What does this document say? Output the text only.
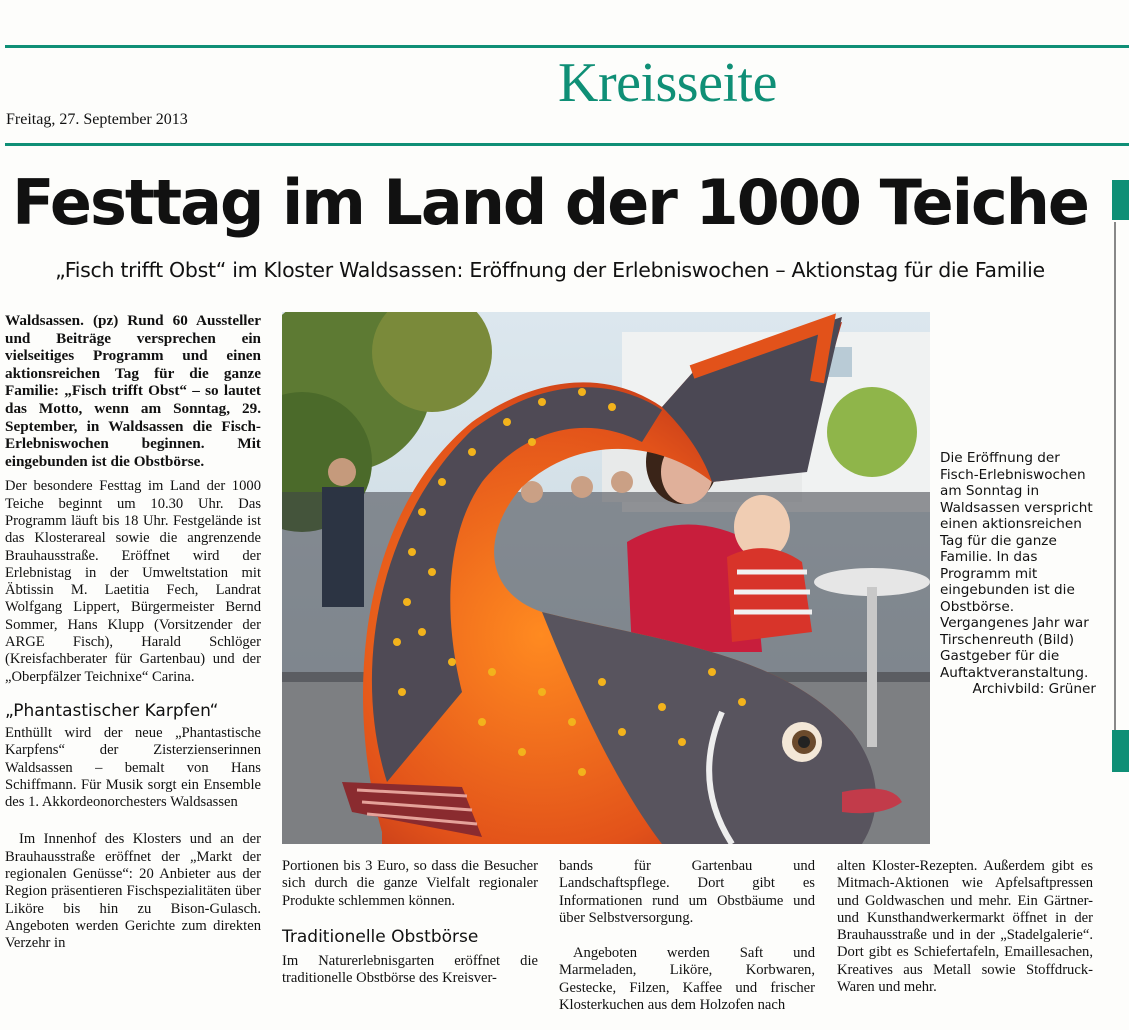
Freitag, 27. September 2013
Kreisseite
Festtag im Land der 1000 Teiche
„Fisch trifft Obst“ im Kloster Waldsassen: Eröffnung der Erlebniswochen – Aktionstag für die Familie

Waldsassen. (pz) Rund 60 Aussteller und Beiträge versprechen ein vielseitiges Programm und einen aktionsreichen Tag für die ganze Familie: „Fisch trifft Obst“ – so lautet das Motto, wenn am Sonntag, 29. September, in Waldsassen die Fisch-Erlebniswochen beginnen. Mit eingebunden ist die Obstbörse.

Der besondere Festtag im Land der 1000 Teiche beginnt um 10.30 Uhr. Das Programm läuft bis 18 Uhr. Festgelände ist das Klosterareal sowie die angrenzende Brauhausstraße. Eröffnet wird der Erlebnistag in der Umweltstation mit Äbtissin M. Laetitia Fech, Landrat Wolfgang Lippert, Bürgermeister Bernd Sommer, Hans Klupp (Vorsitzender der ARGE Fisch), Harald Schlöger (Kreisfachberater für Gartenbau) und der „Oberpfälzer Teichnixe“ Carina.

„Phantastischer Karpfen“

Enthüllt wird der neue „Phantastische Karpfens“ der Zisterzienserinnen Waldsassen – bemalt von Hans Schiffmann. Für Musik sorgt ein Ensemble des 1. Akkordeonorchesters Waldsassen

Im Innenhof des Klosters und an der Brauhausstraße eröffnet der „Markt der regionalen Genüsse“: 20 Anbieter aus der Region präsentieren Fischspezialitäten über Liköre bis hin zu Bison-Gulasch. Angeboten werden Gerichte zum direkten Verzehr in

Die Eröffnung der Fisch-Erlebniswochen am Sonntag in Waldsassen verspricht einen aktionsreichen Tag für die ganze Familie. In das Programm mit eingebunden ist die Obstbörse. Vergangenes Jahr war Tirschenreuth (Bild) Gastgeber für die Auftaktveranstaltung.
Archivbild: Grüner

Portionen bis 3 Euro, so dass die Besucher sich durch die ganze Vielfalt regionaler Produkte schlemmen können.

Traditionelle Obstbörse

Im Naturerlebnisgarten eröffnet die traditionelle Obstbörse des Kreisver-

bands für Gartenbau und Landschaftspflege. Dort gibt es Informationen rund um Obstbäume und über Selbstversorgung.

Angeboten werden Saft und Marmeladen, Liköre, Korbwaren, Gestecke, Filzen, Kaffee und frischer Klosterkuchen aus dem Holzofen nach

alten Kloster-Rezepten. Außerdem gibt es Mitmach-Aktionen wie Apfelsaftpressen und Goldwaschen und mehr. Ein Gärtner- und Kunsthandwerkermarkt öffnet in der Brauhausstraße und in der „Stadelgalerie“. Dort gibt es Schiefertafeln, Emaillesachen, Kreatives aus Metall sowie Stoffdruck-Waren und mehr.
